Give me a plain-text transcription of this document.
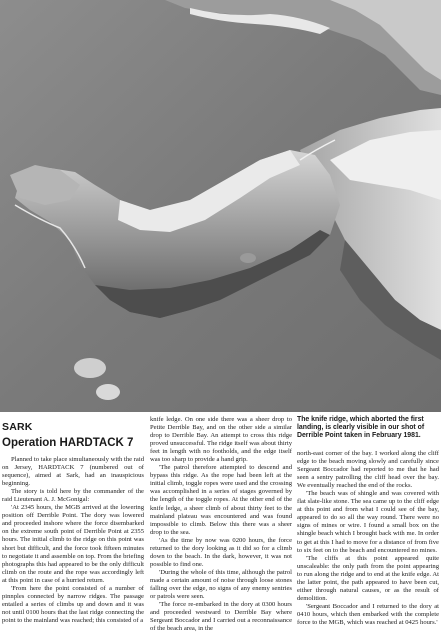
SARK
Operation HARDTACK 7

Planned to take place simultaneously with the raid on Jersey, HARDTACK 7 (numbered out of sequence), aimed at Sark, had an inauspicious beginning.

The story is told here by the commander of the raid Lieutenant A. J. McGonigal:

'At 2345 hours, the MGB arrived at the lowering position off Derrible Point. The dory was lowered and proceeded inshore where the force disembarked on the extreme south point of Derrible Point at 2355 hours. The initial climb to the ridge on this point was short but difficult, and the force took fifteen minutes to negotiate it and assemble on top. From the briefing photographs this had appeared to be the only difficult climb on the route and the rope was accordingly left at this point in case of a hurried return.

'From here the point consisted of a number of pinnples connected by narrow ridges. The passage entailed a series of climbs up and down and it was not until 0100 hours that the last ridge connecting the point to the mainland was reached; this consisted of a

knife ledge. On one side there was a sheer drop to Petite Derrible Bay, and on the other side a similar drop to Derrible Bay. An attempt to cross this ridge proved unsuccessful. The ridge itself was about thirty feet in length with no footholds, and the edge itself was too sharp to provide a hand grip.

'The patrol therefore attempted to descend and bypass this ridge. As the rope had been left at the initial climb, toggle ropes were used and the crossing was accomplished in a series of stages governed by the length of the toggle ropes. At the other end of the knife ledge, a sheer climb of about thirty feet to the mainland plateau was encountered and was found impossible to climb. Below this there was a sheer drop to the sea.

'As the time by now was 0200 hours, the force returned to the dory looking as it did so for a climb down to the beach. In the dark, however, it was not possible to find one.

'During the whole of this time, although the patrol made a certain amount of noise through loose stones falling over the edge, no signs of any enemy sentries or patrols were seen.

'The force re-embarked in the dory at 0300 hours and proceeded westward to Derrible Bay where Sergeant Boccador and I carried out a reconnaissance of the beach area, in the

The knife ridge, which aborted the first landing, is clearly visible in our shot of Derrible Point taken in February 1981.

north-east corner of the bay. I worked along the cliff edge to the beach moving slowly and carefully since Sergeant Boccador had reported to me that he had seen a sentry patrolling the cliff head over the bay. We eventually reached the end of the rocks.

'The beach was of shingle and was covered with flat slate-like stone. The sea came up to the cliff edge at this point and from what I could see of the bay, appeared to do so all the way round. There were no signs of mines or wire. I found a small box on the shingle beach which I brought back with me. In order to get at this I had to move for a distance of from five to six feet on to the beach and encountered no mines.

'The cliffs at this point appeared quite unscaleable: the only path from the point appearing to run along the ridge and to end at the knife edge. At the latter point, the path appeared to have been cut, either through natural causes, or as the result of demolition.

'Sergeant Boccador and I returned to the dory at 0410 hours, which then embarked with the complete force to the MGB, which was reached at 0425 hours.'
